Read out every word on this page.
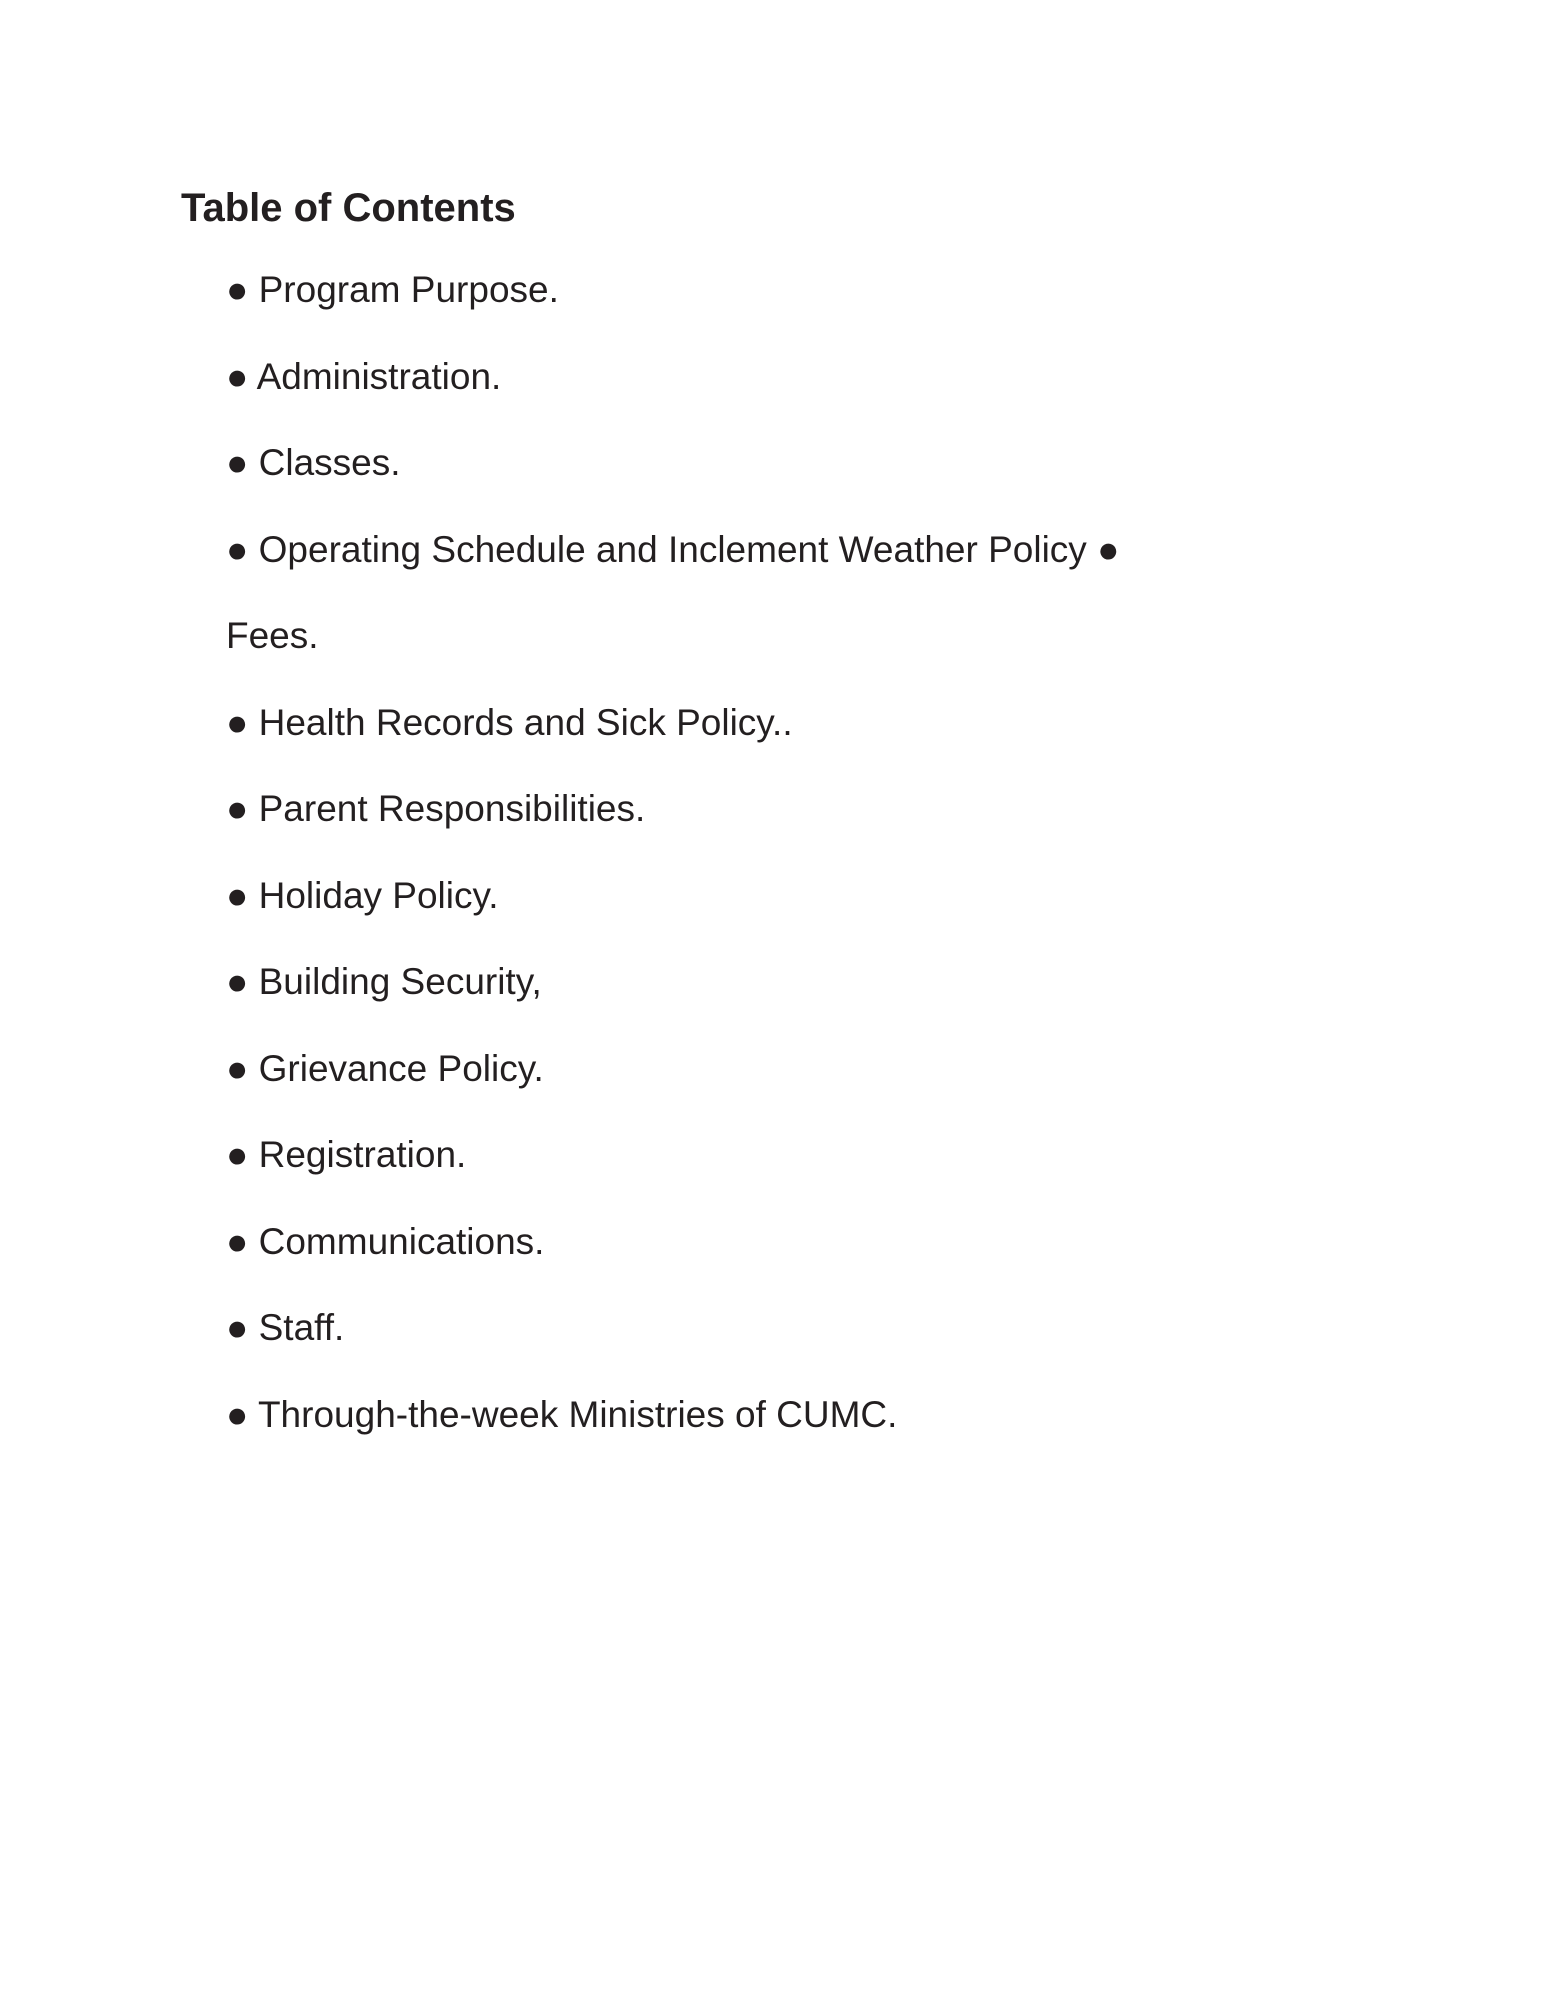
Table of Contents
● Program Purpose.
● Administration.
● Classes.
● Operating Schedule and Inclement Weather Policy ●
Fees.
● Health Records and Sick Policy..
● Parent Responsibilities.
● Holiday Policy.
● Building Security,
● Grievance Policy.
● Registration.
● Communications.
● Staff.
● Through-the-week Ministries of CUMC.
